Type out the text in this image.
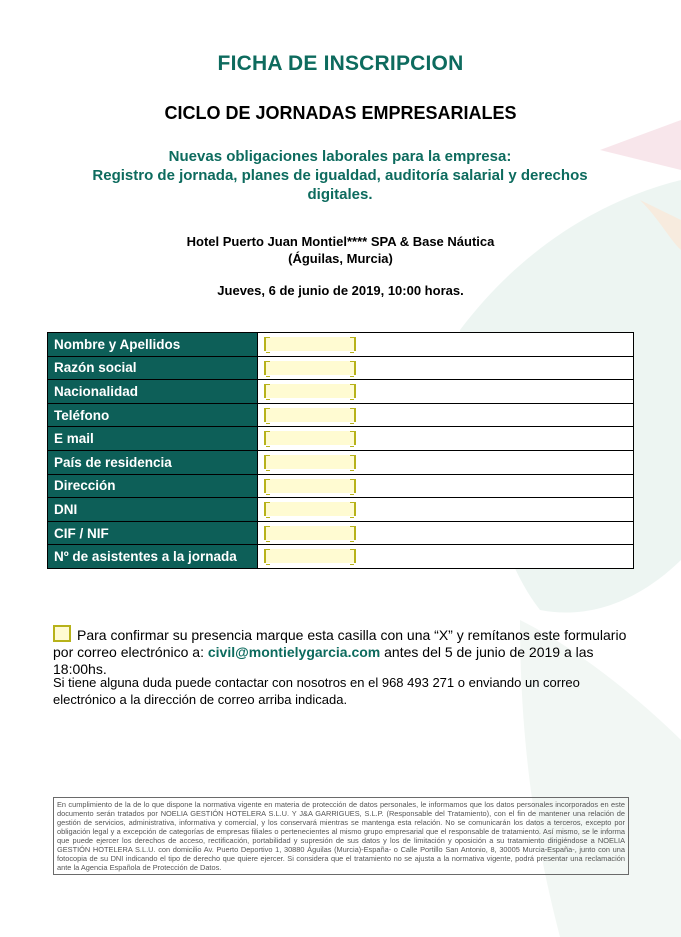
FICHA DE INSCRIPCION
CICLO DE JORNADAS EMPRESARIALES
Nuevas obligaciones laborales para la empresa:
Registro de jornada, planes de igualdad, auditoría salarial y derechos
digitales.
Hotel Puerto Juan Montiel**** SPA & Base Náutica
(Águilas, Murcia)
Jueves, 6 de junio de 2019, 10:00 horas.
Nombre y Apellidos	
Razón social	
Nacionalidad	
Teléfono	
E mail	
País de residencia	
Dirección	
DNI	
CIF / NIF	
Nº de asistentes a la jornada	
Para confirmar su presencia marque esta casilla con una “X” y remítanos este formulario por correo electrónico a: civil@montielygarcia.com antes del 5 de junio de 2019 a las 18:00hs.
Si tiene alguna duda puede contactar con nosotros en el 968 493 271 o enviando un correo electrónico a la dirección de correo arriba indicada.
En cumplimiento de la de lo que dispone la normativa vigente en materia de protección de datos personales, le informamos que los datos personales incorporados en este documento serán tratados por NOELIA GESTIÓN HOTELERA S.L.U. Y J&A GARRIGUES, S.L.P. (Responsable del Tratamiento), con el fin de mantener una relación de gestión de servicios, administrativa, informativa y comercial, y los conservará mientras se mantenga esta relación. No se comunicarán los datos a terceros, excepto por obligación legal y a excepción de categorías de empresas filiales o pertenecientes al mismo grupo empresarial que el responsable de tratamiento. Así mismo, se le informa que puede ejercer los derechos de acceso, rectificación, portabilidad y supresión de sus datos y los de limitación y oposición a su tratamiento dirigiéndose a NOELIA GESTIÓN HOTELERA S.L.U. con domicilio Av. Puerto Deportivo 1, 30880 Águilas (Murcia)-España- o Calle Portillo San Antonio, 8, 30005 Murcia-España-, junto con una fotocopia de su DNI indicando el tipo de derecho que quiere ejercer. Si considera que el tratamiento no se ajusta a la normativa vigente, podrá presentar una reclamación ante la Agencia Española de Protección de Datos.
